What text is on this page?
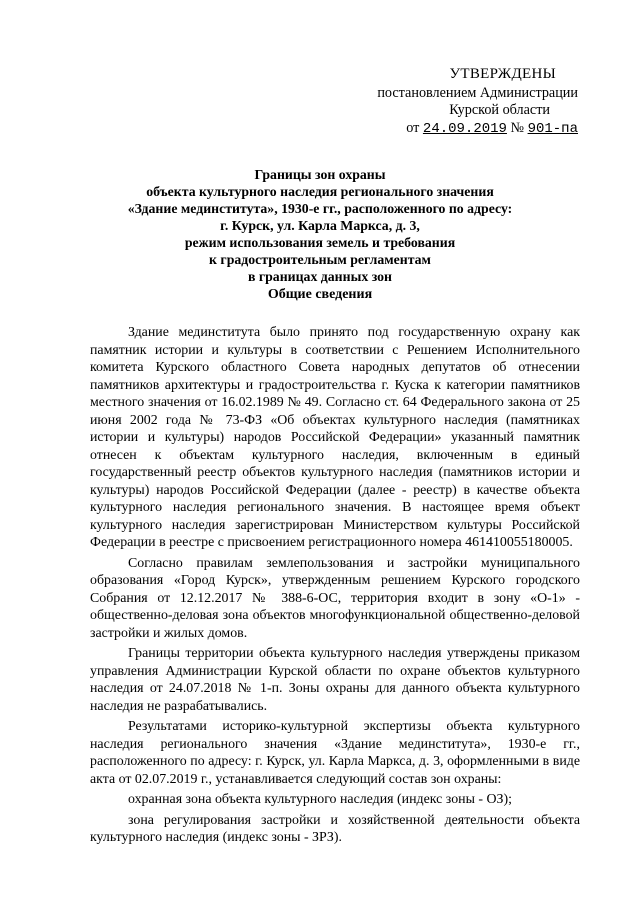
УТВЕРЖДЕНЫ
постановлением Администрации
Курской области
от 24.09.2019 № 901-па
Границы зон охраны
объекта культурного наследия регионального значения
«Здание мединститута», 1930-е гг., расположенного по адресу:
г. Курск, ул. Карла Маркса, д. 3,
режим использования земель и требования
к градостроительным регламентам
в границах данных зон
Общие сведения

Здание мединститута было принято под государственную охрану как памятник истории и культуры в соответствии с Решением Исполнительного комитета Курского областного Совета народных депутатов об отнесении памятников архитектуры и градостроительства г. Куска к категории памятников местного значения от 16.02.1989 № 49. Согласно ст. 64 Федерального закона от 25 июня 2002 года № 73-ФЗ «Об объектах культурного наследия (памятниках истории и культуры) народов Российской Федерации» указанный памятник отнесен к объектам культурного наследия, включенным в единый государственный реестр объектов культурного наследия (памятников истории и культуры) народов Российской Федерации (далее - реестр) в качестве объекта культурного наследия регионального значения. В настоящее время объект культурного наследия зарегистрирован Министерством культуры Российской Федерации в реестре с присвоением регистрационного номера 461410055180005.

Согласно правилам землепользования и застройки муниципального образования «Город Курск», утвержденным решением Курского городского Собрания от 12.12.2017 № 388-6-ОС, территория входит в зону «О-1» - общественно-деловая зона объектов многофункциональной общественно-деловой застройки и жилых домов.

Границы территории объекта культурного наследия утверждены приказом управления Администрации Курской области по охране объектов культурного наследия от 24.07.2018 № 1-п. Зоны охраны для данного объекта культурного наследия не разрабатывались.

Результатами историко-культурной экспертизы объекта культурного наследия регионального значения «Здание мединститута», 1930-е гг., расположенного по адресу: г. Курск, ул. Карла Маркса, д. 3, оформленными в виде акта от 02.07.2019 г., устанавливается следующий состав зон охраны:

охранная зона объекта культурного наследия (индекс зоны - ОЗ);

зона регулирования застройки и хозяйственной деятельности объекта культурного наследия (индекс зоны - ЗРЗ).
